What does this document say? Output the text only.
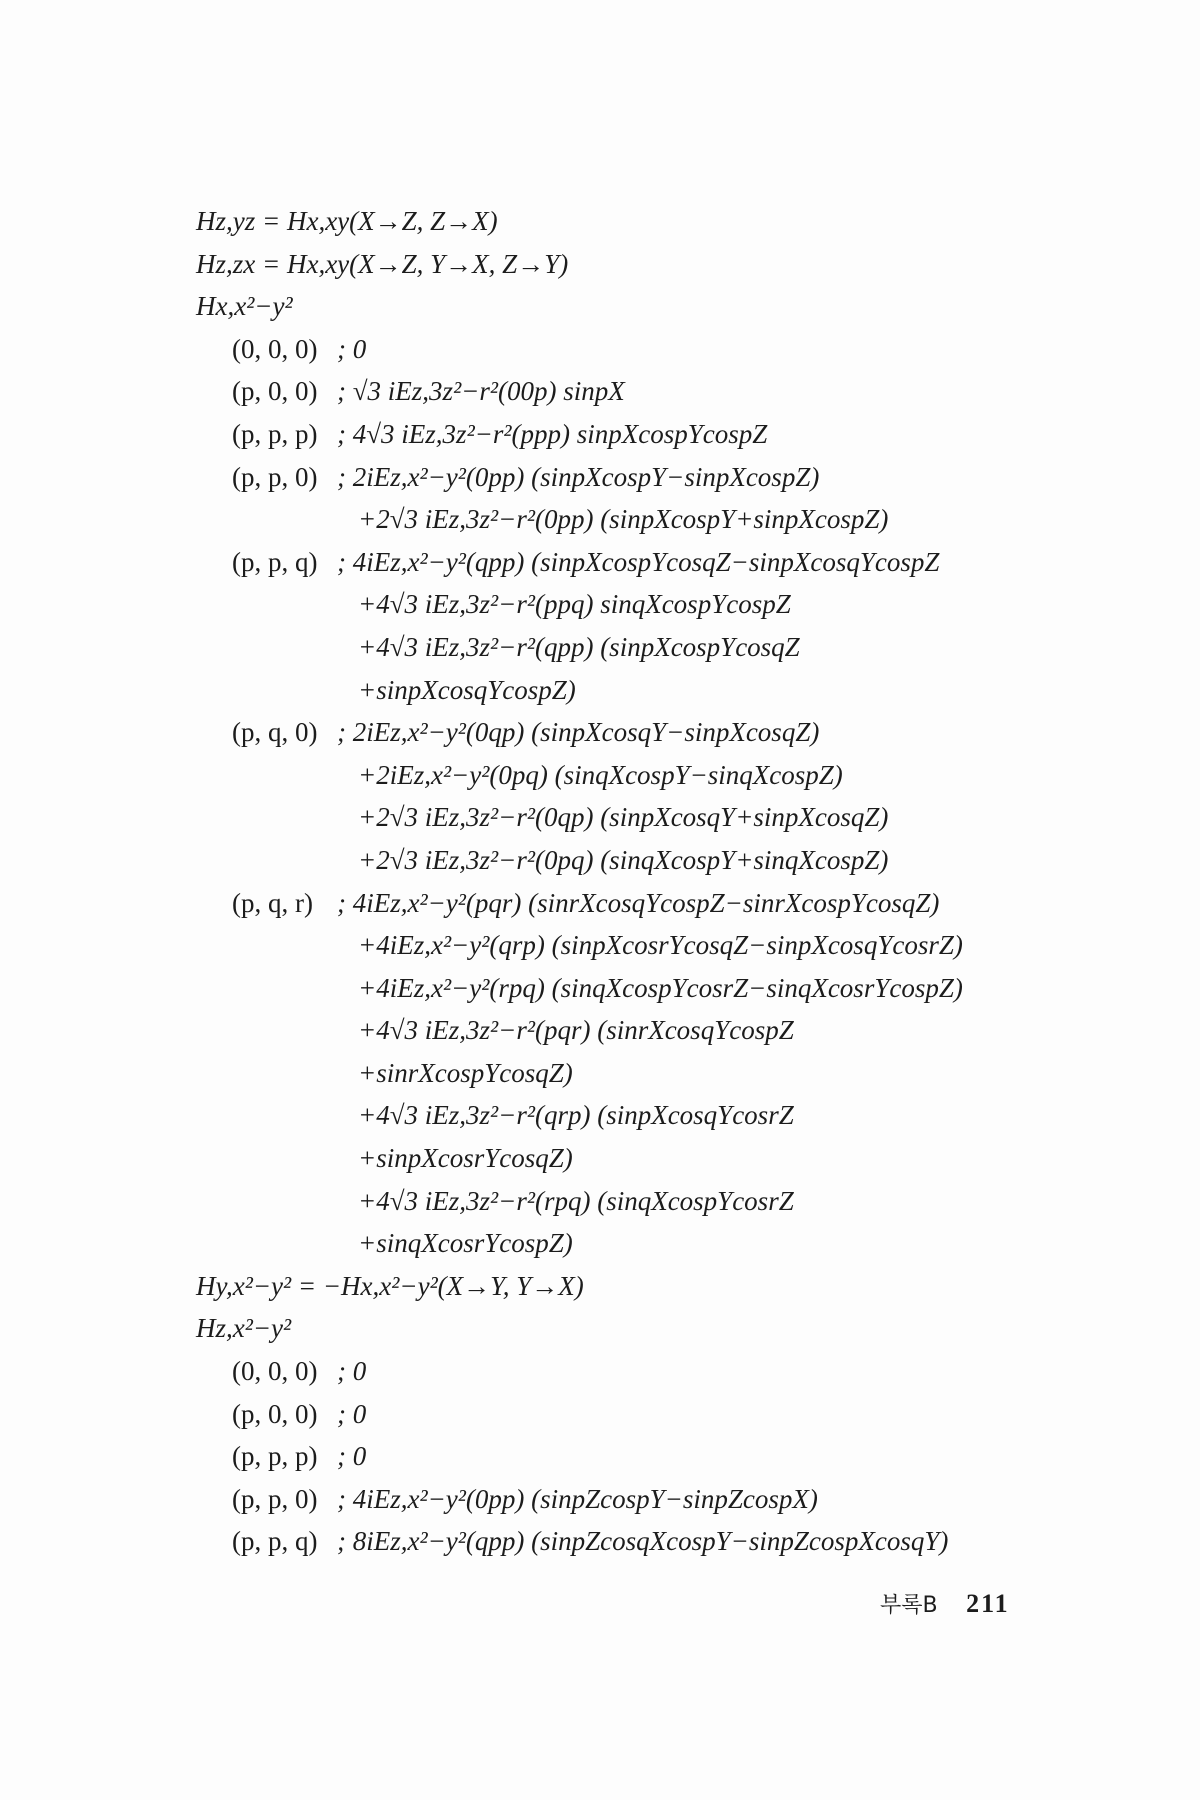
Hz,yz = Hx,xy(X→Z, Z→X)
Hz,zx = Hx,xy(X→Z, Y→X, Z→Y)
Hx,x²−y²
(0, 0, 0) ; 0
(p, 0, 0) ; √3 iEz,3z²−r²(00p) sinpX
(p, p, p) ; 4√3 iEz,3z²−r²(ppp) sinpXcospYcospZ
(p, p, 0) ; 2iEz,x²−y²(0pp) (sinpXcospY−sinpXcospZ)
+2√3 iEz,3z²−r²(0pp) (sinpXcospY+sinpXcospZ)
(p, p, q) ; 4iEz,x²−y²(qpp) (sinpXcospYcosqZ−sinpXcosqYcospZ
+4√3 iEz,3z²−r²(ppq) sinqXcospYcospZ
+4√3 iEz,3z²−r²(qpp) (sinpXcospYcosqZ
+sinpXcosqYcospZ)
(p, q, 0) ; 2iEz,x²−y²(0qp) (sinpXcosqY−sinpXcosqZ)
+2iEz,x²−y²(0pq) (sinqXcospY−sinqXcospZ)
+2√3 iEz,3z²−r²(0qp) (sinpXcosqY+sinpXcosqZ)
+2√3 iEz,3z²−r²(0pq) (sinqXcospY+sinqXcospZ)
(p, q, r) ; 4iEz,x²−y²(pqr) (sinrXcosqYcospZ−sinrXcospYcosqZ)
+4iEz,x²−y²(qrp) (sinpXcosrYcosqZ−sinpXcosqYcosrZ)
+4iEz,x²−y²(rpq) (sinqXcospYcosrZ−sinqXcosrYcospZ)
+4√3 iEz,3z²−r²(pqr) (sinrXcosqYcospZ
+sinrXcospYcosqZ)
+4√3 iEz,3z²−r²(qrp) (sinpXcosqYcosrZ
+sinpXcosrYcosqZ)
+4√3 iEz,3z²−r²(rpq) (sinqXcospYcosrZ
+sinqXcosrYcospZ)
Hy,x²−y² = −Hx,x²−y²(X→Y, Y→X)
Hz,x²−y²
(0, 0, 0) ; 0
(p, 0, 0) ; 0
(p, p, p) ; 0
(p, p, 0) ; 4iEz,x²−y²(0pp) (sinpZcospY−sinpZcospX)
(p, p, q) ; 8iEz,x²−y²(qpp) (sinpZcosqXcospY−sinpZcospXcosqY)
부록B 211
